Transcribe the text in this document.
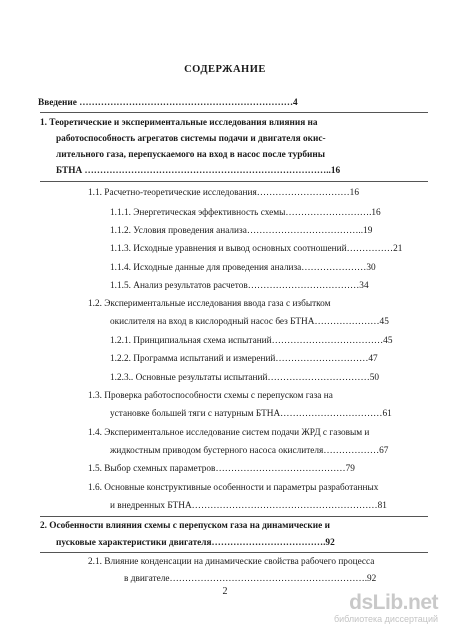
СОДЕРЖАНИЕ
Введение ……………………………………………………………4
1. Теоретические и экспериментальные исследования влияния на
работоспособность агрегатов системы подачи и двигателя окис-
лительного газа, перепускаемого на вход в насос после турбины
БТНА ……………………………………………………………………..16
1.1. Расчетно-теоретические исследования…………………………16
1.1.1. Энергетическая эффективность схемы……………………….16
1.1.2. Условия проведения анализа………………………………..19
1.1.3. Исходные уравнения и вывод основных соотношений……………21
1.1.4. Исходные данные для проведения анализа…………………30
1.1.5. Анализ результатов расчетов………………………………34
1.2. Экспериментальные исследования ввода газа с избытком
окислителя на вход в кислородный насос без БТНА…………………45
1.2.1. Принципиальная схема испытаний………………………………45
1.2.2. Программа испытаний и измерений…………………………47
1.2.3.. Основные результаты испытаний……………………………50
1.3. Проверка работоспособности схемы с перепуском газа на
установке большей тяги с натурным БТНА……………………………61
1.4. Экспериментальное исследование систем подачи ЖРД с газовым и
жидкостным приводом бустерного насоса окислителя………………67
1.5. Выбор схемных параметров……………………………………79
1.6. Основные конструктивные особенности и параметры разработанных
и внедренных БТНА……………………………………………………81
2. Особенности влияния схемы с перепуском газа на динамические и
пусковые характеристики двигателя……………………………….92
2.1. Влияние конденсации на динамические свойства рабочего процесса
в двигателе……………………………………………………….92
2	dsLib.net
библиотека диссертаций
